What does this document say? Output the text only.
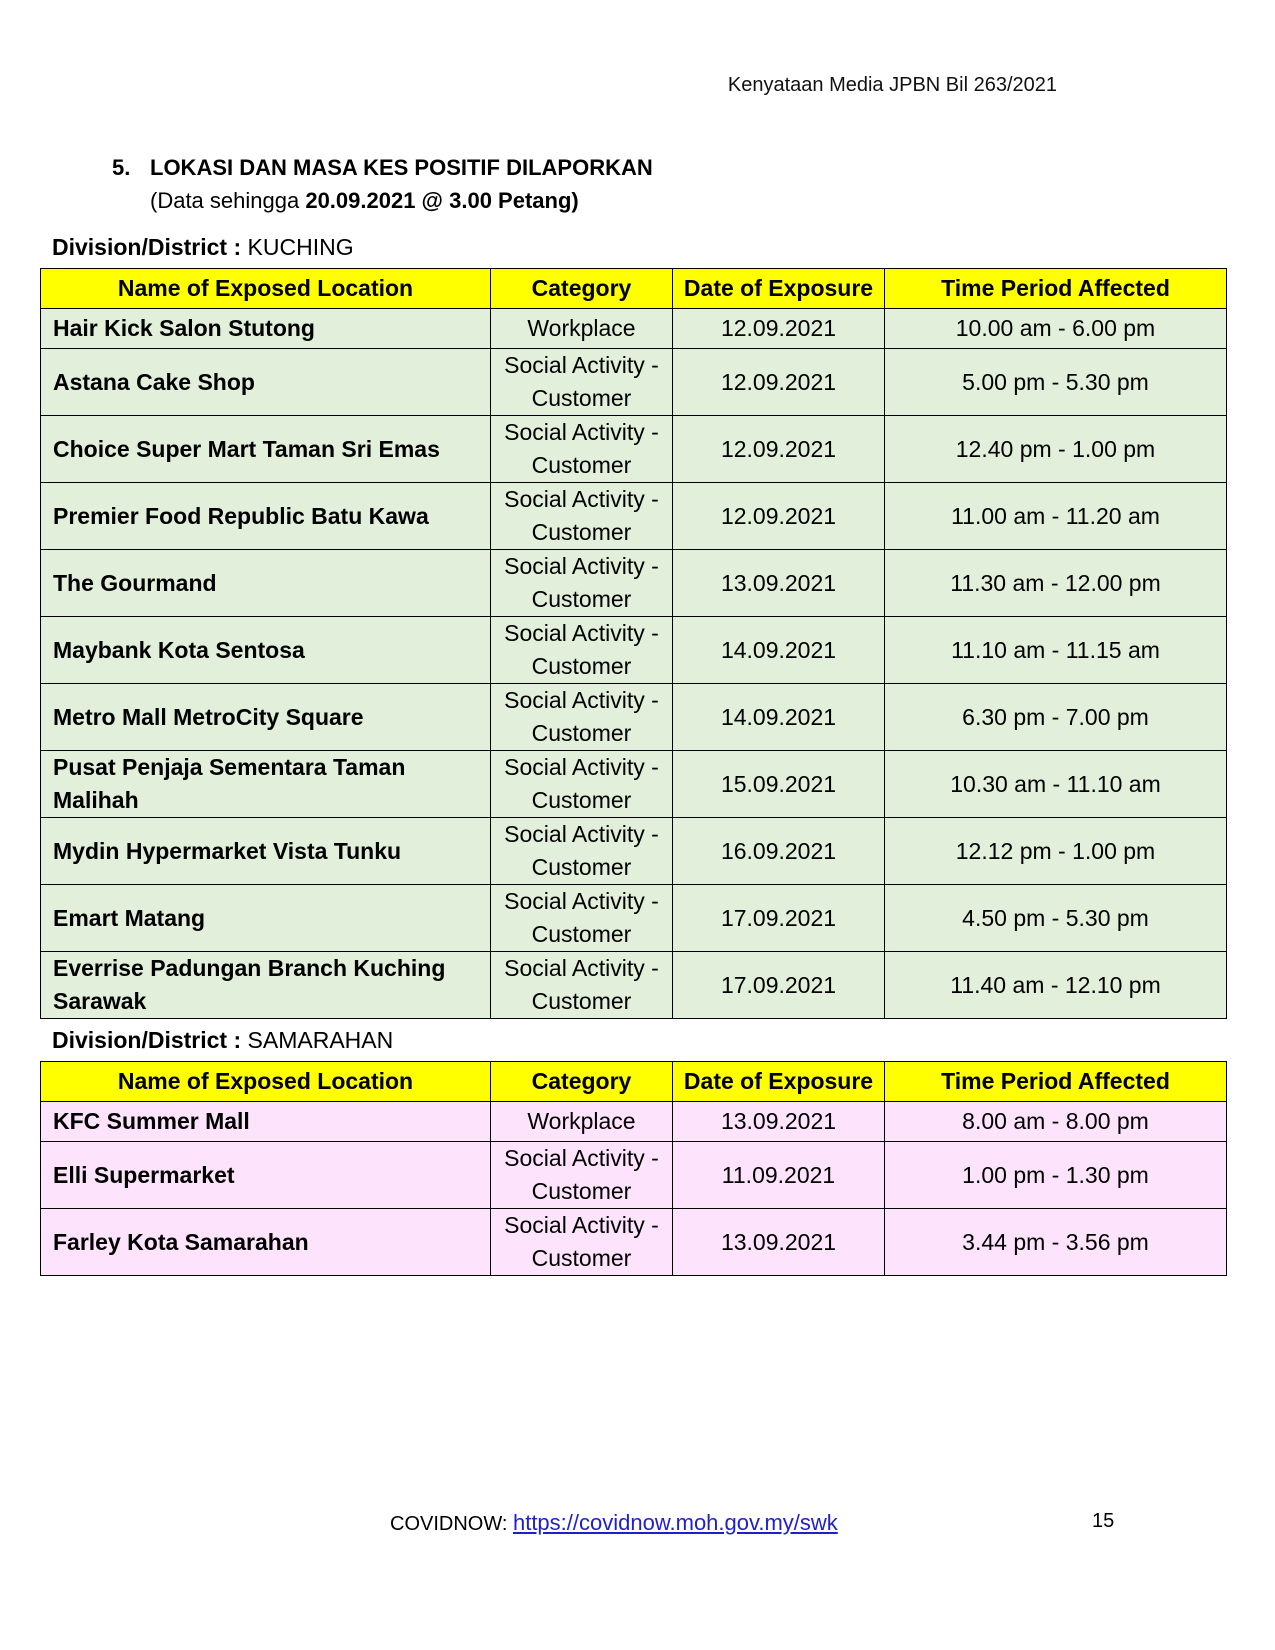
Kenyataan Media JPBN Bil 263/2021
5. LOKASI DAN MASA KES POSITIF DILAPORKAN
(Data sehingga 20.09.2021 @ 3.00 Petang)
Division/District : KUCHING
Name of Exposed Location	Category	Date of Exposure	Time Period Affected
Hair Kick Salon Stutong	Workplace	12.09.2021	10.00 am - 6.00 pm
Astana Cake Shop	Social Activity - Customer	12.09.2021	5.00 pm - 5.30 pm
Choice Super Mart Taman Sri Emas	Social Activity - Customer	12.09.2021	12.40 pm - 1.00 pm
Premier Food Republic Batu Kawa	Social Activity - Customer	12.09.2021	11.00 am - 11.20 am
The Gourmand	Social Activity - Customer	13.09.2021	11.30 am - 12.00 pm
Maybank Kota Sentosa	Social Activity - Customer	14.09.2021	11.10 am - 11.15 am
Metro Mall MetroCity Square	Social Activity - Customer	14.09.2021	6.30 pm - 7.00 pm
Pusat Penjaja Sementara Taman Malihah	Social Activity - Customer	15.09.2021	10.30 am - 11.10 am
Mydin Hypermarket Vista Tunku	Social Activity - Customer	16.09.2021	12.12 pm - 1.00 pm
Emart Matang	Social Activity - Customer	17.09.2021	4.50 pm - 5.30 pm
Everrise Padungan Branch Kuching Sarawak	Social Activity - Customer	17.09.2021	11.40 am - 12.10 pm
Division/District : SAMARAHAN
Name of Exposed Location	Category	Date of Exposure	Time Period Affected
KFC Summer Mall	Workplace	13.09.2021	8.00 am - 8.00 pm
Elli Supermarket	Social Activity - Customer	11.09.2021	1.00 pm - 1.30 pm
Farley Kota Samarahan	Social Activity - Customer	13.09.2021	3.44 pm - 3.56 pm
COVIDNOW: https://covidnow.moh.gov.my/swk	15
